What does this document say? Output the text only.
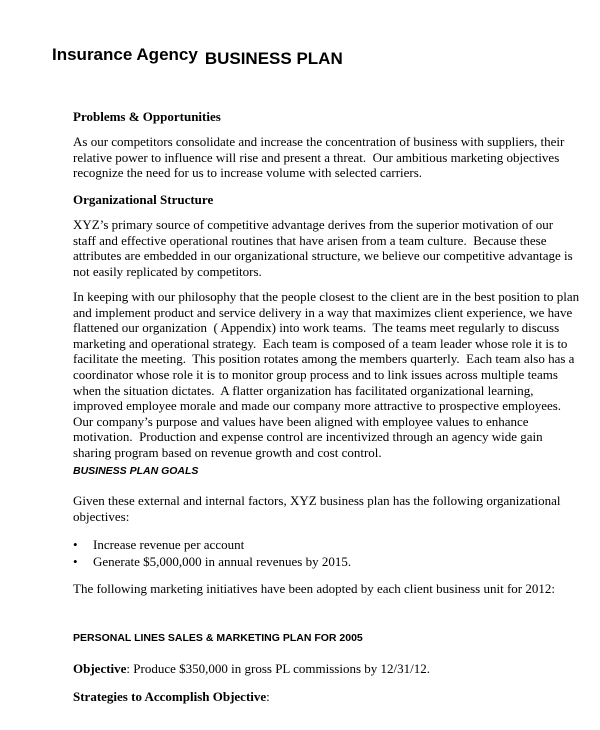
Insurance Agency BUSINESS PLAN
Problems & Opportunities
As our competitors consolidate and increase the concentration of business with suppliers, their
relative power to influence will rise and present a threat.  Our ambitious marketing objectives
recognize the need for us to increase volume with selected carriers.
Organizational Structure
XYZ’s primary source of competitive advantage derives from the superior motivation of our
staff and effective operational routines that have arisen from a team culture.  Because these
attributes are embedded in our organizational structure, we believe our competitive advantage is
not easily replicated by competitors.
In keeping with our philosophy that the people closest to the client are in the best position to plan
and implement product and service delivery in a way that maximizes client experience, we have
flattened our organization  ( Appendix) into work teams.  The teams meet regularly to discuss
marketing and operational strategy.  Each team is composed of a team leader whose role it is to
facilitate the meeting.  This position rotates among the members quarterly.  Each team also has a
coordinator whose role it is to monitor group process and to link issues across multiple teams
when the situation dictates.  A flatter organization has facilitated organizational learning,
improved employee morale and made our company more attractive to prospective employees.
Our company’s purpose and values have been aligned with employee values to enhance
motivation.  Production and expense control are incentivized through an agency wide gain
sharing program based on revenue growth and cost control.
BUSINESS PLAN GOALS
Given these external and internal factors, XYZ business plan has the following organizational
objectives:
• Increase revenue per account
• Generate $5,000,000 in annual revenues by 2015.
The following marketing initiatives have been adopted by each client business unit for 2012:
PERSONAL LINES SALES & MARKETING PLAN FOR 2005
Objective: Produce $350,000 in gross PL commissions by 12/31/12.
Strategies to Accomplish Objective:
